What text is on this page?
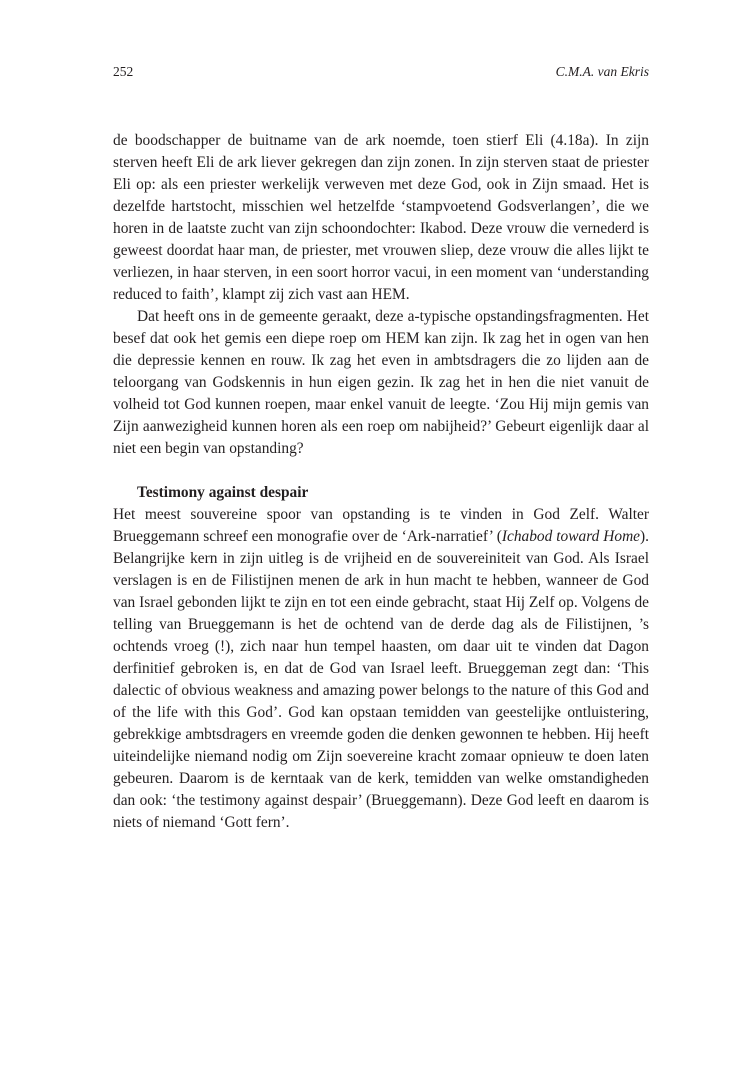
252	C.M.A. van Ekris

de boodschapper de buitname van de ark noemde, toen stierf Eli (4.18a). In zijn sterven heeft Eli de ark liever gekregen dan zijn zonen. In zijn sterven staat de priester Eli op: als een priester werkelijk verweven met deze God, ook in Zijn smaad. Het is dezelfde hartstocht, misschien wel hetzelfde ‘stampvoetend Godsverlangen’, die we horen in de laatste zucht van zijn schoondochter: Ikabod. Deze vrouw die vernederd is geweest doordat haar man, de priester, met vrouwen sliep, deze vrouw die alles lijkt te verliezen, in haar sterven, in een soort horror vacui, in een moment van ‘understanding reduced to faith’, klampt zij zich vast aan HEM.

Dat heeft ons in de gemeente geraakt, deze a-typische opstandingsfragmenten. Het besef dat ook het gemis een diepe roep om HEM kan zijn. Ik zag het in ogen van hen die depressie kennen en rouw. Ik zag het even in ambtsdragers die zo lijden aan de teloorgang van Godskennis in hun eigen gezin. Ik zag het in hen die niet vanuit de volheid tot God kunnen roepen, maar enkel vanuit de leegte. ‘Zou Hij mijn gemis van Zijn aanwezigheid kunnen horen als een roep om nabijheid?’ Gebeurt eigenlijk daar al niet een begin van opstanding?

Testimony against despair

Het meest souvereine spoor van opstanding is te vinden in God Zelf. Walter Brueggemann schreef een monografie over de ‘Ark-narratief’ (Ichabod toward Home). Belangrijke kern in zijn uitleg is de vrijheid en de souvereiniteit van God. Als Israel verslagen is en de Filistijnen menen de ark in hun macht te hebben, wanneer de God van Israel gebonden lijkt te zijn en tot een einde gebracht, staat Hij Zelf op. Volgens de telling van Brueggemann is het de ochtend van de derde dag als de Filistijnen, ’s ochtends vroeg (!), zich naar hun tempel haasten, om daar uit te vinden dat Dagon derfinitief gebroken is, en dat de God van Israel leeft. Brueggeman zegt dan: ‘This dalectic of obvious weakness and amazing power belongs to the nature of this God and of the life with this God’. God kan opstaan temidden van geestelijke ontluistering, gebrekkige ambtsdragers en vreemde goden die denken gewonnen te hebben. Hij heeft uiteindelijke niemand nodig om Zijn soevereine kracht zomaar opnieuw te doen laten gebeuren. Daarom is de kerntaak van de kerk, temidden van welke omstandigheden dan ook: ‘the testimony against despair’ (Brueggemann). Deze God leeft en daarom is niets of niemand ‘Gott fern’.
